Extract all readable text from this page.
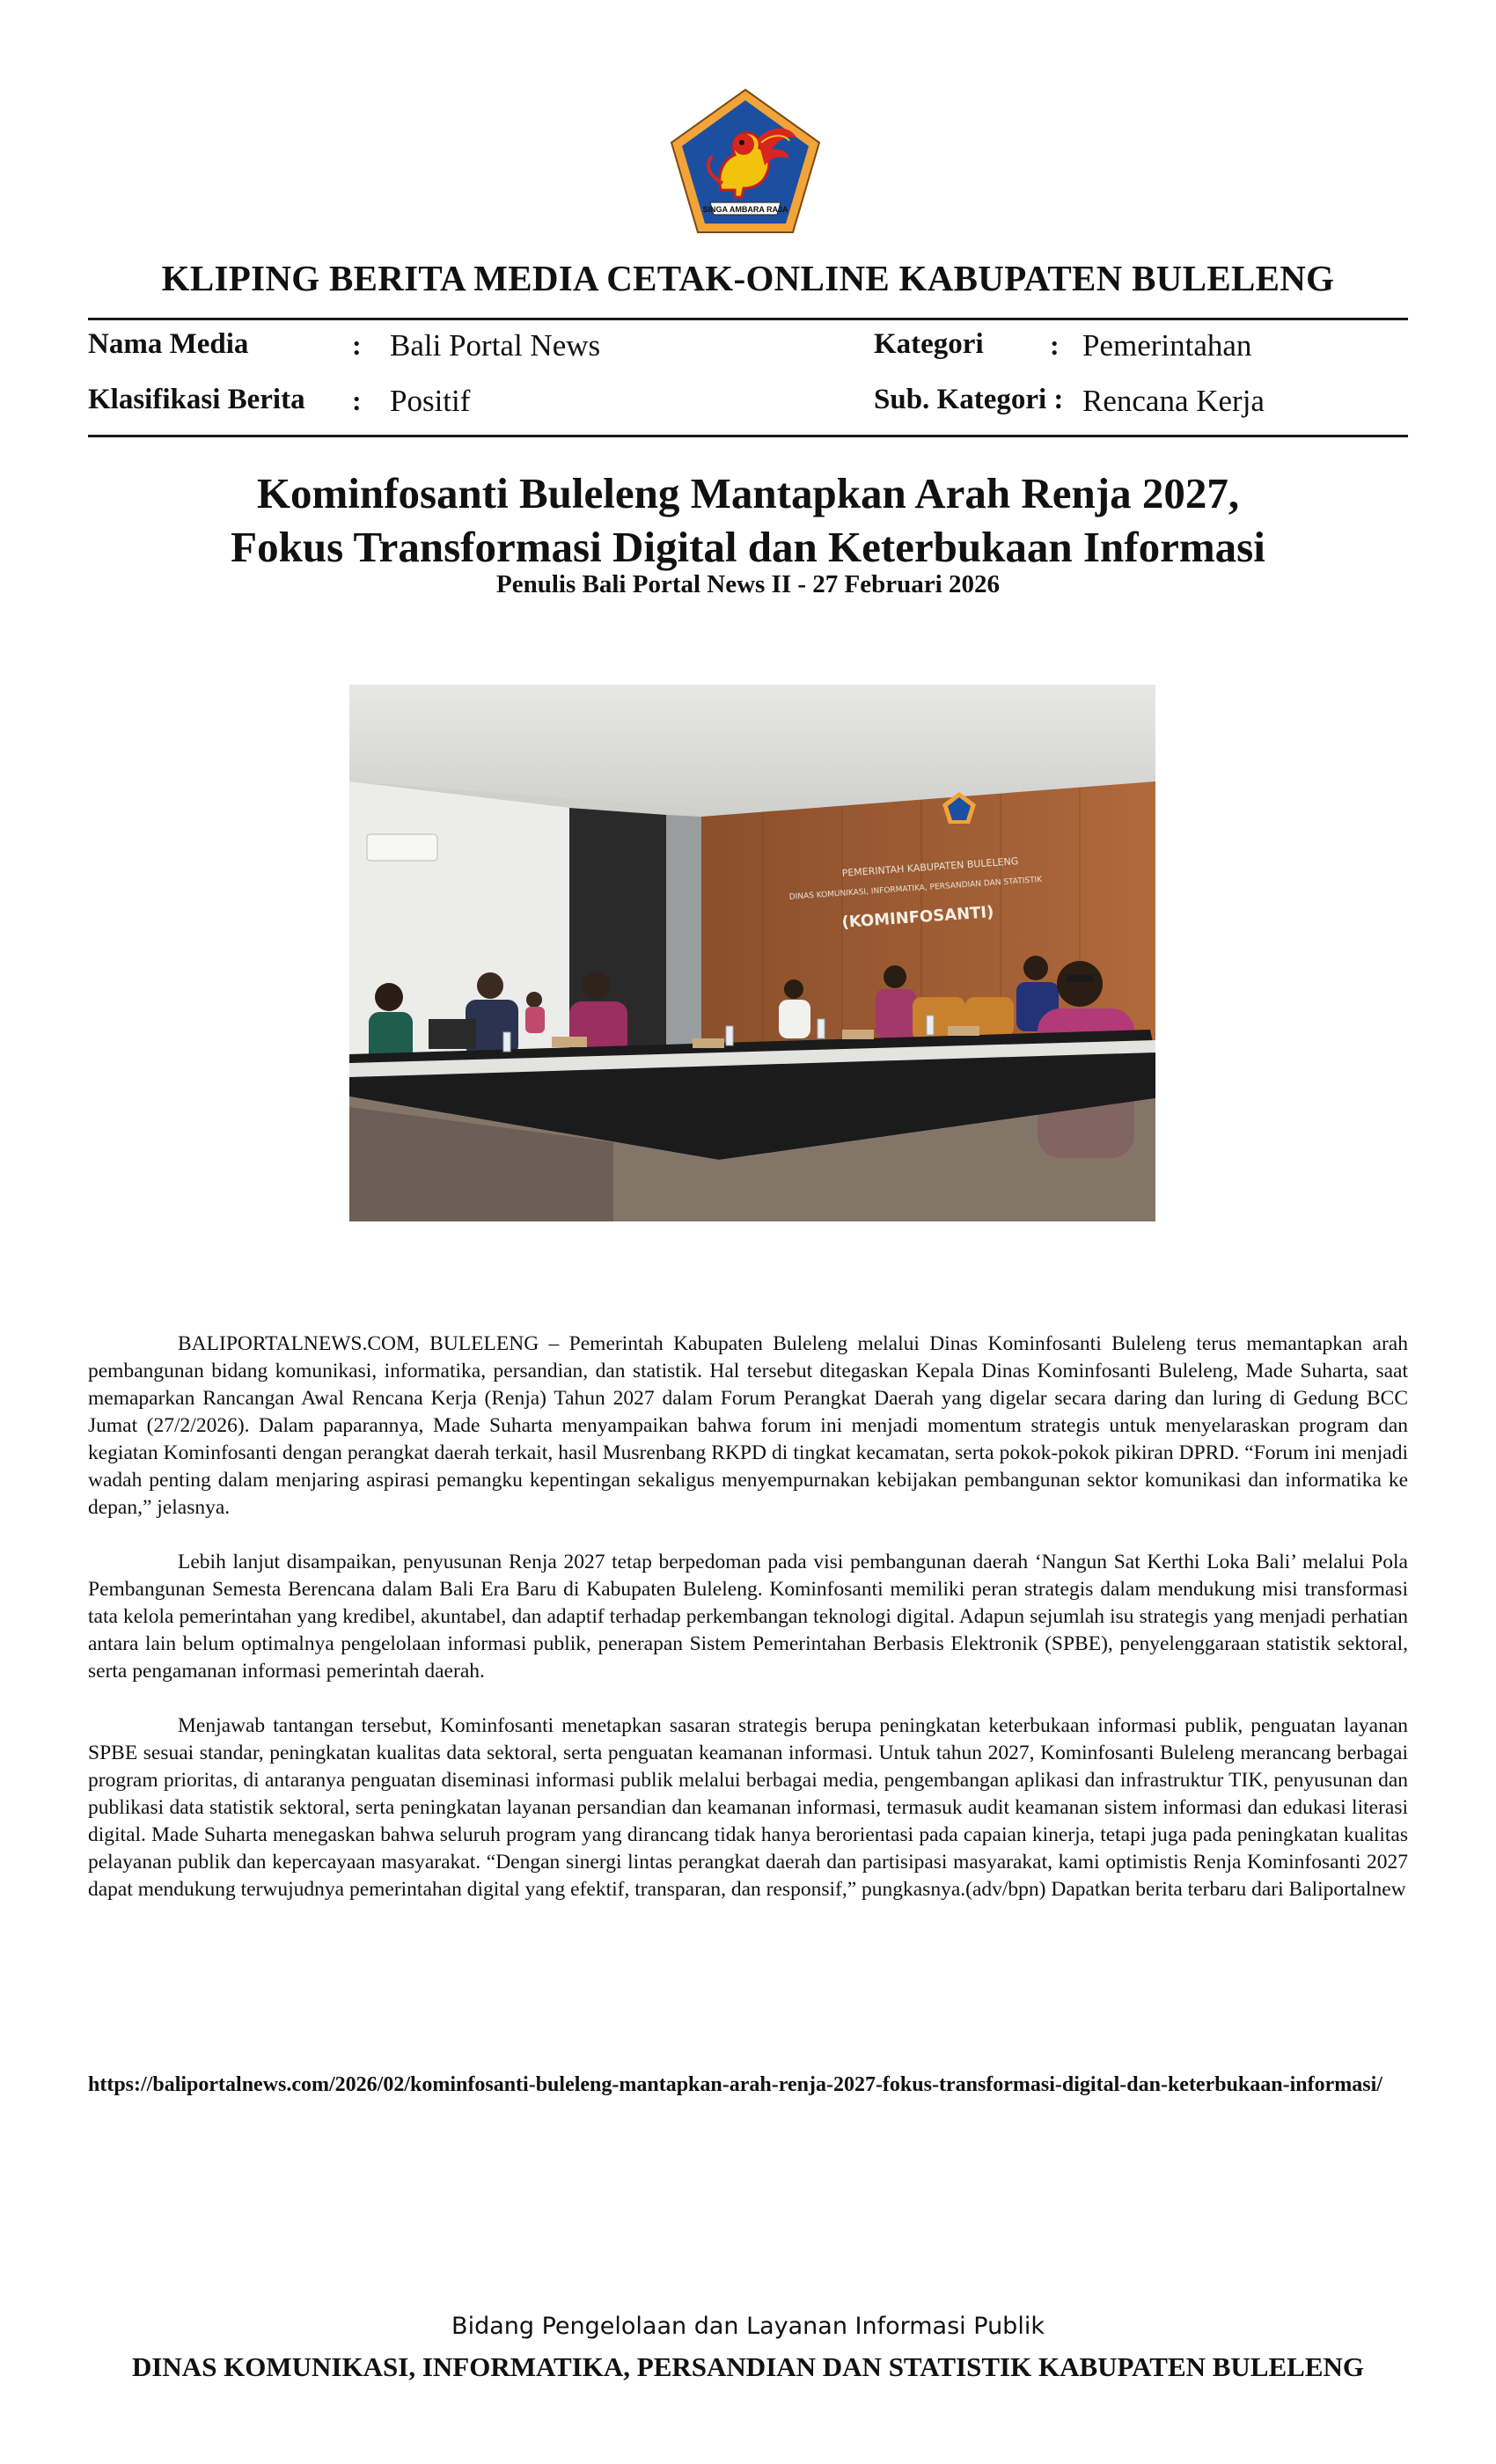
SINGA AMBARA RAJA
KLIPING BERITA MEDIA CETAK-ONLINE KABUPATEN BULELENG
Nama Media	: Bali Portal News	Kategori : Pemerintahan
Klasifikasi Berita : Positif	Sub. Kategori : Rencana Kerja
Kominfosanti Buleleng Mantapkan Arah Renja 2027,
Fokus Transformasi Digital dan Keterbukaan Informasi
Penulis Bali Portal News II - 27 Februari 2026
PEMERINTAH KABUPATEN BULELENG
DINAS KOMUNIKASI, INFORMATIKA, PERSANDIAN DAN STATISTIK
(KOMINFOSANTI)

BALIPORTALNEWS.COM, BULELENG – Pemerintah Kabupaten Buleleng melalui Dinas Kominfosanti Buleleng terus memantapkan arah pembangunan bidang komunikasi, informatika, persandian, dan statistik. Hal tersebut ditegaskan Kepala Dinas Kominfosanti Buleleng, Made Suharta, saat memaparkan Rancangan Awal Rencana Kerja (Renja) Tahun 2027 dalam Forum Perangkat Daerah yang digelar secara daring dan luring di Gedung BCC Jumat (27/2/2026). Dalam paparannya, Made Suharta menyampaikan bahwa forum ini menjadi momentum strategis untuk menyelaraskan program dan kegiatan Kominfosanti dengan perangkat daerah terkait, hasil Musrenbang RKPD di tingkat kecamatan, serta pokok-pokok pikiran DPRD. “Forum ini menjadi wadah penting dalam menjaring aspirasi pemangku kepentingan sekaligus menyempurnakan kebijakan pembangunan sektor komunikasi dan informatika ke depan,” jelasnya.

Lebih lanjut disampaikan, penyusunan Renja 2027 tetap berpedoman pada visi pembangunan daerah ‘Nangun Sat Kerthi Loka Bali’ melalui Pola Pembangunan Semesta Berencana dalam Bali Era Baru di Kabupaten Buleleng. Kominfosanti memiliki peran strategis dalam mendukung misi transformasi tata kelola pemerintahan yang kredibel, akuntabel, dan adaptif terhadap perkembangan teknologi digital. Adapun sejumlah isu strategis yang menjadi perhatian antara lain belum optimalnya pengelolaan informasi publik, penerapan Sistem Pemerintahan Berbasis Elektronik (SPBE), penyelenggaraan statistik sektoral, serta pengamanan informasi pemerintah daerah.

Menjawab tantangan tersebut, Kominfosanti menetapkan sasaran strategis berupa peningkatan keterbukaan informasi publik, penguatan layanan SPBE sesuai standar, peningkatan kualitas data sektoral, serta penguatan keamanan informasi. Untuk tahun 2027, Kominfosanti Buleleng merancang berbagai program prioritas, di antaranya penguatan diseminasi informasi publik melalui berbagai media, pengembangan aplikasi dan infrastruktur TIK, penyusunan dan publikasi data statistik sektoral, serta peningkatan layanan persandian dan keamanan informasi, termasuk audit keamanan sistem informasi dan edukasi literasi digital. Made Suharta menegaskan bahwa seluruh program yang dirancang tidak hanya berorientasi pada capaian kinerja, tetapi juga pada peningkatan kualitas pelayanan publik dan kepercayaan masyarakat. “Dengan sinergi lintas perangkat daerah dan partisipasi masyarakat, kami optimistis Renja Kominfosanti 2027 dapat mendukung terwujudnya pemerintahan digital yang efektif, transparan, dan responsif,” pungkasnya.(adv/bpn) Dapatkan berita terbaru dari Baliportalnew

https://baliportalnews.com/2026/02/kominfosanti-buleleng-mantapkan-arah-renja-2027-fokus-transformasi-digital-dan-keterbukaan-informasi/
Bidang Pengelolaan dan Layanan Informasi Publik
DINAS KOMUNIKASI, INFORMATIKA, PERSANDIAN DAN STATISTIK KABUPATEN BULELENG
